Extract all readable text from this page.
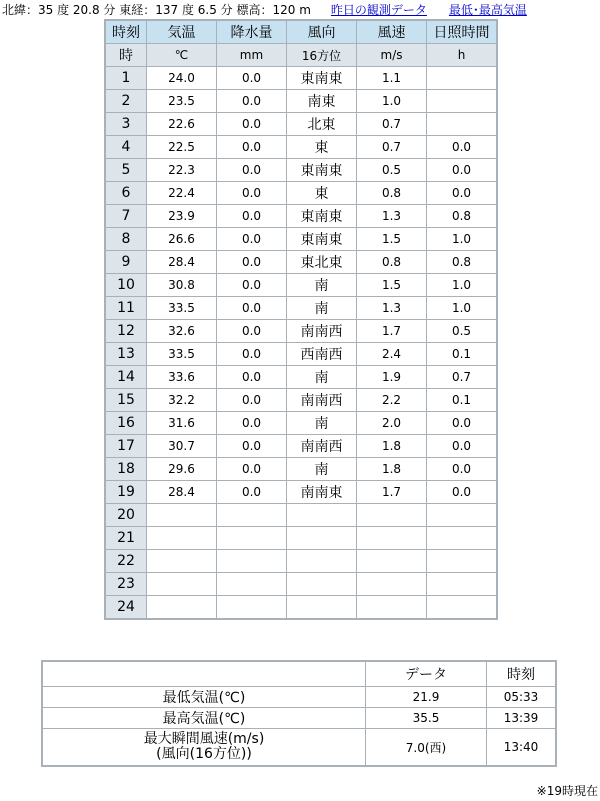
北緯：35 度 20.8 分 東経：137 度 6.5 分 標高：120 m 昨日の観測データ 最低･最高気温
時刻	気温	降水量	風向	風速	日照時間
時	℃	mm	16方位	m/s	h
1	24.0	0.0	東南東	1.1	
2	23.5	0.0	南東	1.0	
3	22.6	0.0	北東	0.7	
4	22.5	0.0	東	0.7	0.0
5	22.3	0.0	東南東	0.5	0.0
6	22.4	0.0	東	0.8	0.0
7	23.9	0.0	東南東	1.3	0.8
8	26.6	0.0	東南東	1.5	1.0
9	28.4	0.0	東北東	0.8	0.8
10	30.8	0.0	南	1.5	1.0
11	33.5	0.0	南	1.3	1.0
12	32.6	0.0	南南西	1.7	0.5
13	33.5	0.0	西南西	2.4	0.1
14	33.6	0.0	南	1.9	0.7
15	32.2	0.0	南南西	2.2	0.1
16	31.6	0.0	南	2.0	0.0
17	30.7	0.0	南南西	1.8	0.0
18	29.6	0.0	南	1.8	0.0
19	28.4	0.0	南南東	1.7	0.0
20					
21					
22					
23					
24					
	データ	時刻
最低気温(℃)	21.9	05:33
最高気温(℃)	35.5	13:39

最大瞬間風速(m/s)
(風向(16方位))	7.0(西)	13:40
※19時現在
